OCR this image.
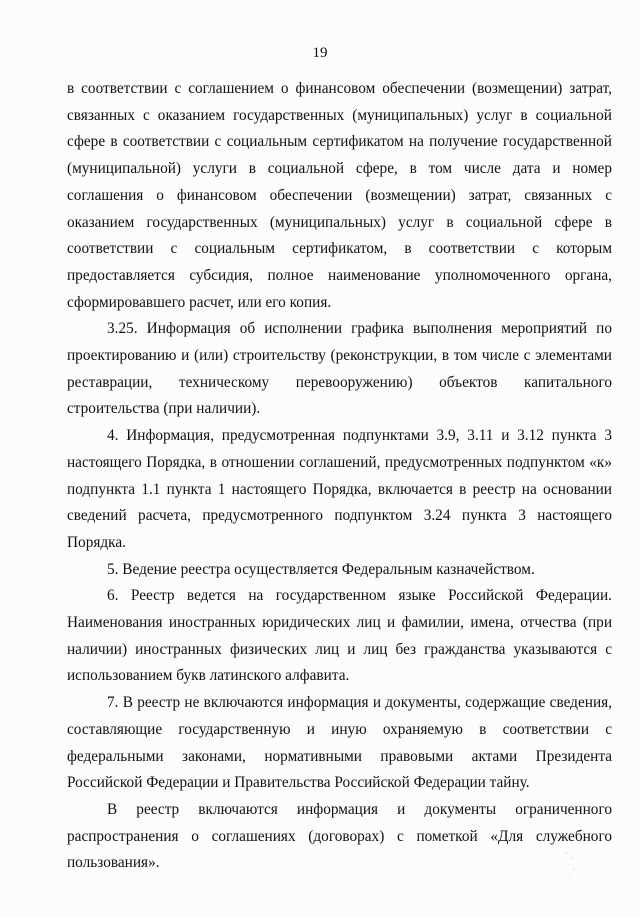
19

в соответствии с соглашением о финансовом обеспечении (возмещении) затрат, связанных с оказанием государственных (муниципальных) услуг в социальной сфере в соответствии с социальным сертификатом на получение государственной (муниципальной) услуги в социальной сфере, в том числе дата и номер соглашения о финансовом обеспечении (возмещении) затрат, связанных с оказанием государственных (муниципальных) услуг в социальной сфере в соответствии с социальным сертификатом, в соответствии с которым предоставляется субсидия, полное наименование уполномоченного органа, сформировавшего расчет, или его копия.

3.25. Информация об исполнении графика выполнения мероприятий по проектированию и (или) строительству (реконструкции, в том числе с элементами реставрации, техническому перевооружению) объектов капитального строительства (при наличии).

4. Информация, предусмотренная подпунктами 3.9, 3.11 и 3.12 пункта 3 настоящего Порядка, в отношении соглашений, предусмотренных подпунктом «к» подпункта 1.1 пункта 1 настоящего Порядка, включается в реестр на основании сведений расчета, предусмотренного подпунктом 3.24 пункта 3 настоящего Порядка.

5. Ведение реестра осуществляется Федеральным казначейством.

6. Реестр ведется на государственном языке Российской Федерации. Наименования иностранных юридических лиц и фамилии, имена, отчества (при наличии) иностранных физических лиц и лиц без гражданства указываются с использованием букв латинского алфавита.

7. В реестр не включаются информация и документы, содержащие сведения, составляющие государственную и иную охраняемую в соответствии с федеральными законами, нормативными правовыми актами Президента Российской Федерации и Правительства Российской Федерации тайну.

В реестр включаются информация и документы ограниченного распространения о соглашениях (договорах) с пометкой «Для служебного пользования».
